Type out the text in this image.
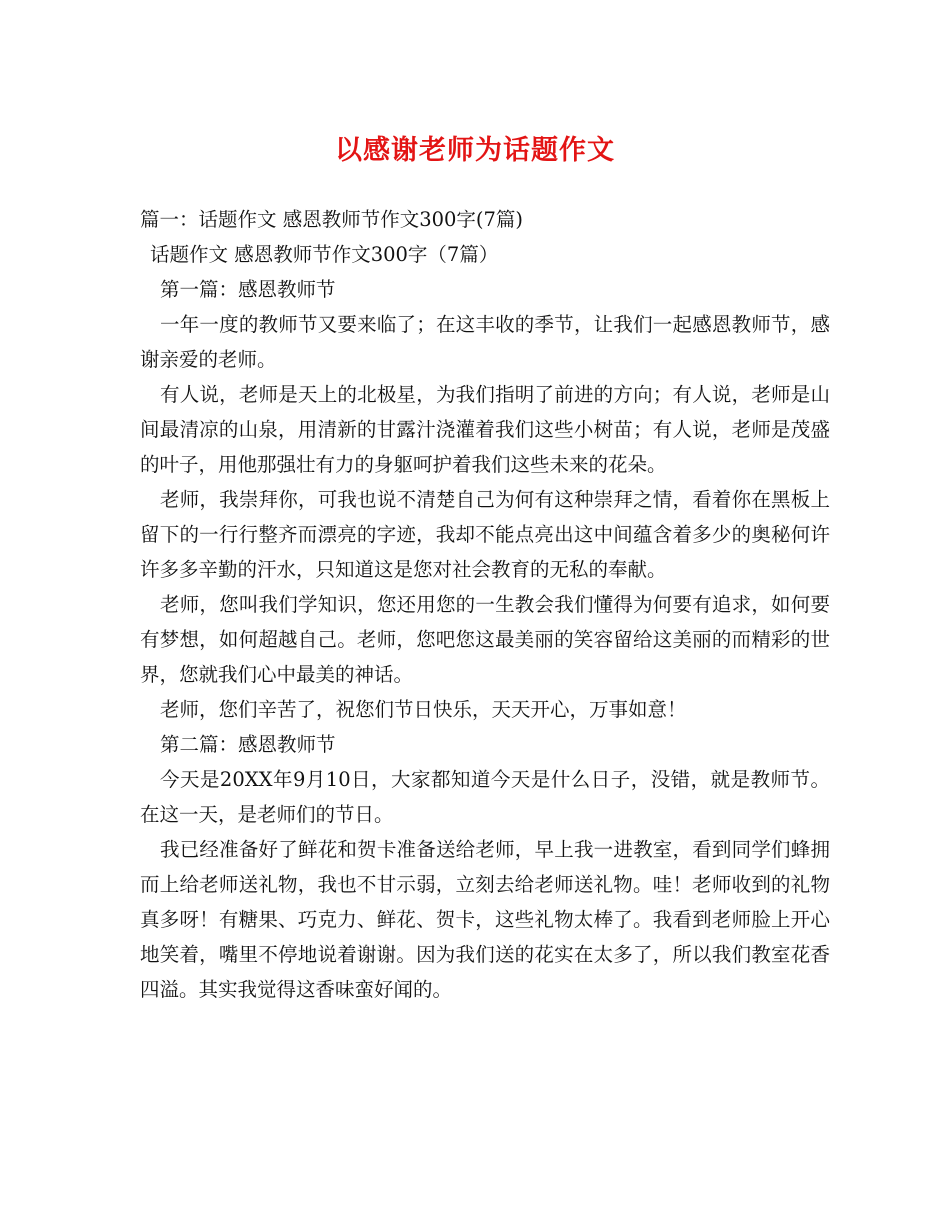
以感谢老师为话题作文
篇一：话题作文 感恩教师节作文300字(7篇)
话题作文 感恩教师节作文300字（7篇）
第一篇：感恩教师节
一年一度的教师节又要来临了；在这丰收的季节，让我们一起感恩教师节，感谢亲爱的老师。
有人说，老师是天上的北极星，为我们指明了前进的方向；有人说，老师是山间最清凉的山泉，用清新的甘露汁浇灌着我们这些小树苗；有人说，老师是茂盛的叶子，用他那强壮有力的身躯呵护着我们这些未来的花朵。
老师，我崇拜你，可我也说不清楚自己为何有这种崇拜之情，看着你在黑板上留下的一行行整齐而漂亮的字迹，我却不能点亮出这中间蕴含着多少的奥秘何许许多多辛勤的汗水，只知道这是您对社会教育的无私的奉献。
老师，您叫我们学知识，您还用您的一生教会我们懂得为何要有追求，如何要有梦想，如何超越自己。老师，您吧您这最美丽的笑容留给这美丽的而精彩的世界，您就我们心中最美的神话。
老师，您们辛苦了，祝您们节日快乐，天天开心，万事如意！
第二篇：感恩教师节
今天是20XX年9月10日，大家都知道今天是什么日子，没错，就是教师节。在这一天，是老师们的节日。
我已经准备好了鲜花和贺卡准备送给老师，早上我一进教室，看到同学们蜂拥而上给老师送礼物，我也不甘示弱，立刻去给老师送礼物。哇！老师收到的礼物真多呀！有糖果、巧克力、鲜花、贺卡，这些礼物太棒了。我看到老师脸上开心地笑着，嘴里不停地说着谢谢。因为我们送的花实在太多了，所以我们教室花香四溢。其实我觉得这香味蛮好闻的。
